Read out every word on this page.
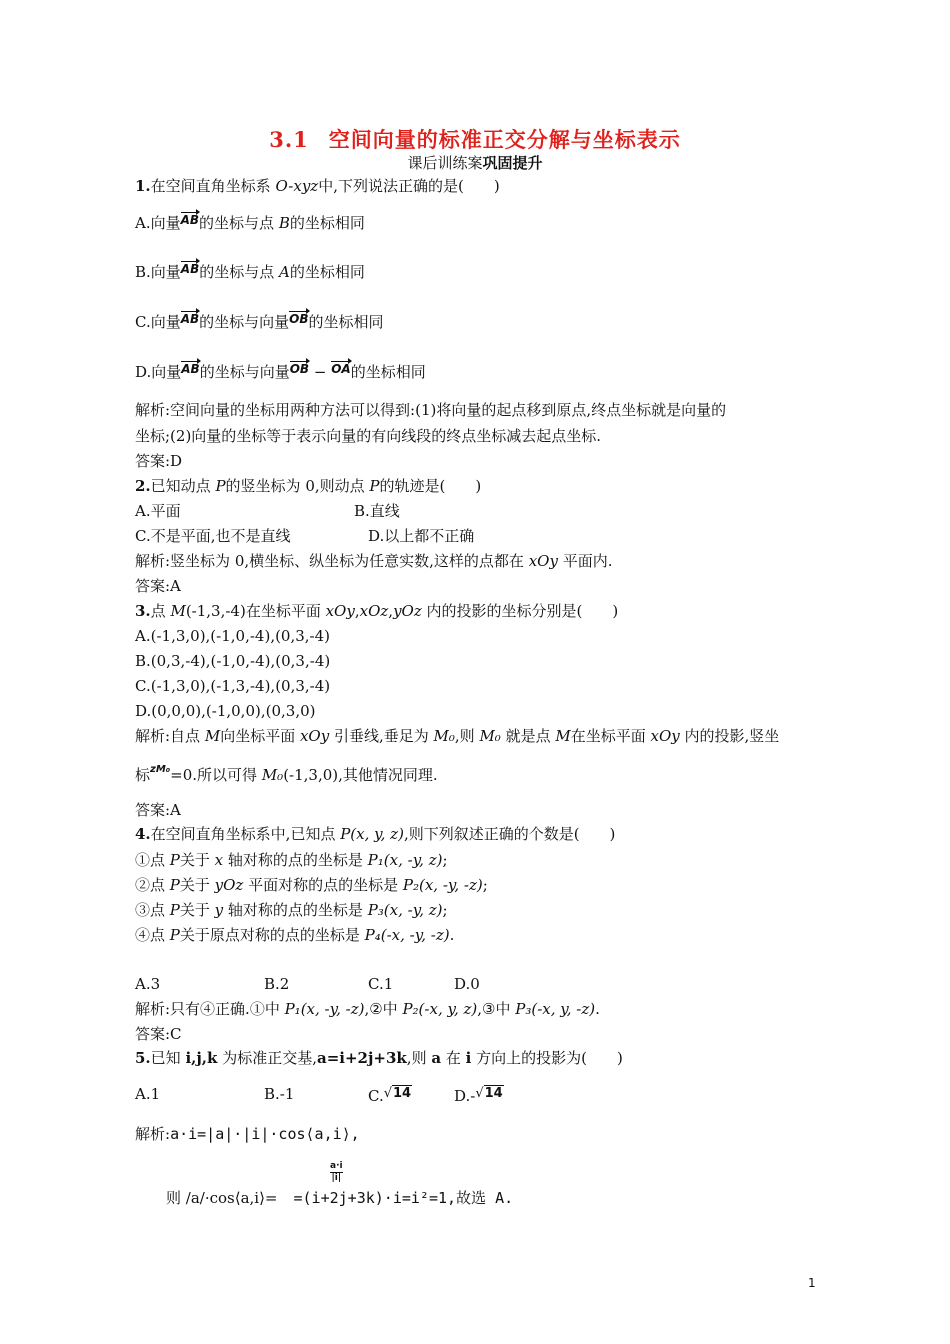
3.1 空间向量的标准正交分解与坐标表示
课后训练案巩固提升
1.在空间直角坐标系 O-xyz中,下列说法正确的是(　　)
A.向量AB的坐标与点 B的坐标相同
B.向量AB的坐标与点 A的坐标相同
C.向量AB的坐标与向量OB的坐标相同
D.向量AB的坐标与向量OB − OA的坐标相同
解析:空间向量的坐标用两种方法可以得到:(1)将向量的起点移到原点,终点坐标就是向量的
坐标;(2)向量的坐标等于表示向量的有向线段的终点坐标减去起点坐标.
答案:D
2.已知动点 P的竖坐标为 0,则动点 P的轨迹是(　　)
A.平面	B.直线
C.不是平面,也不是直线	D.以上都不正确
解析:竖坐标为 0,横坐标、纵坐标为任意实数,这样的点都在 xOy 平面内.
答案:A
3.点 M(-1,3,-4)在坐标平面 xOy,xOz,yOz 内的投影的坐标分别是(　　)
A.(-1,3,0),(-1,0,-4),(0,3,-4)
B.(0,3,-4),(-1,0,-4),(0,3,-4)
C.(-1,3,0),(-1,3,-4),(0,3,-4)
D.(0,0,0),(-1,0,0),(0,3,0)
解析:自点 M向坐标平面 xOy 引垂线,垂足为 M₀,则 M₀ 就是点 M在坐标平面 xOy 内的投影,竖坐
标$^{zM_0}$=0.所以可得 M₀(-1,3,0),其他情况同理.
答案:A
4.在空间直角坐标系中,已知点 P(x, y, z),则下列叙述正确的个数是(　　)
①点 P关于 x 轴对称的点的坐标是 P₁(x, -y, z);
②点 P关于 yOz 平面对称的点的坐标是 P₂(x, -y, -z);
③点 P关于 y 轴对称的点的坐标是 P₃(x, -y, z);
④点 P关于原点对称的点的坐标是 P₄(-x, -y, -z).
A.3	B.2	C.1	D.0
解析:只有④正确.①中 P₁(x, -y, -z),②中 P₂(-x, y, z),③中 P₃(-x, y, -z).
答案:C
5.已知 i,j,k 为标准正交基,a=i+2j+3k,则 a 在 i 方向上的投影为(　　)
A.1	B.-1	C.√14	D.-√14
解析:a·i=|a|·|i|·cos⟨a,i⟩,
$\frac{a\cdot i}{|i|}$
则 /a/·cos⟨a,i⟩= =(i+2j+3k)·i=i²=1,故选 A.
1
